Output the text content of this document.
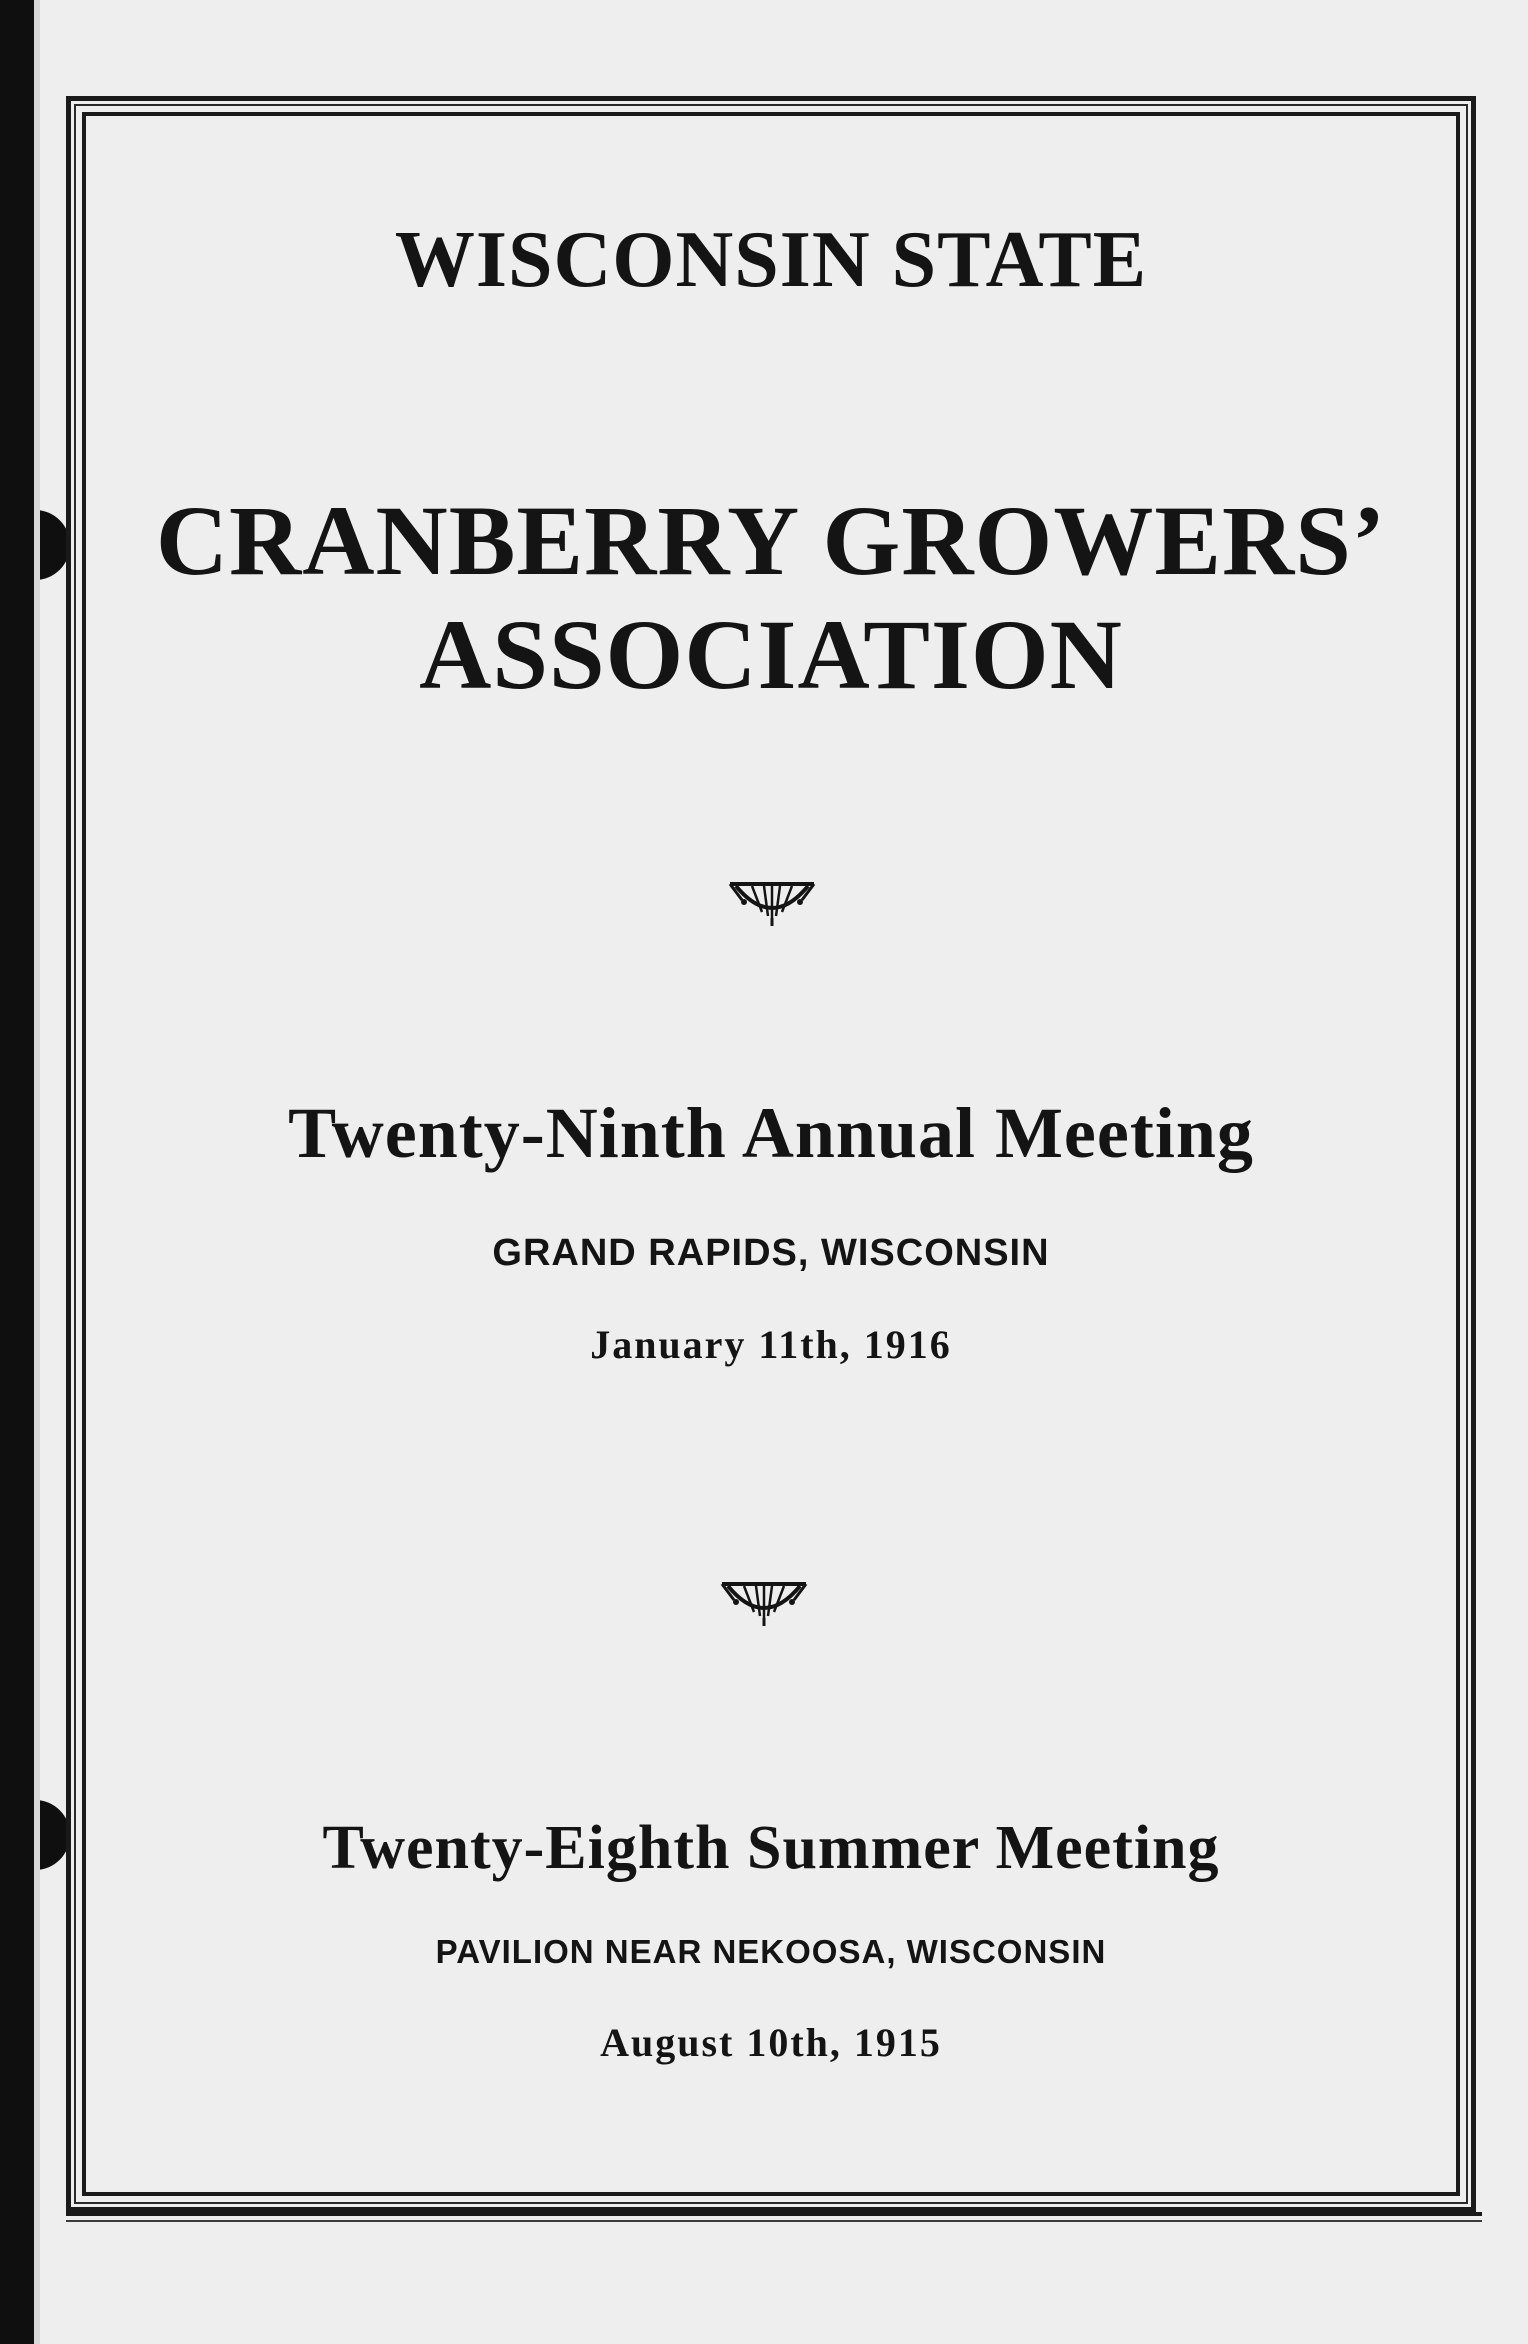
WISCONSIN STATE
CRANBERRY GROWERS’
ASSOCIATION
Twenty-Ninth Annual Meeting

GRAND RAPIDS, WISCONSIN

January 11th, 1916

Twenty-Eighth Summer Meeting

PAVILION NEAR NEKOOSA, WISCONSIN

August 10th, 1915
